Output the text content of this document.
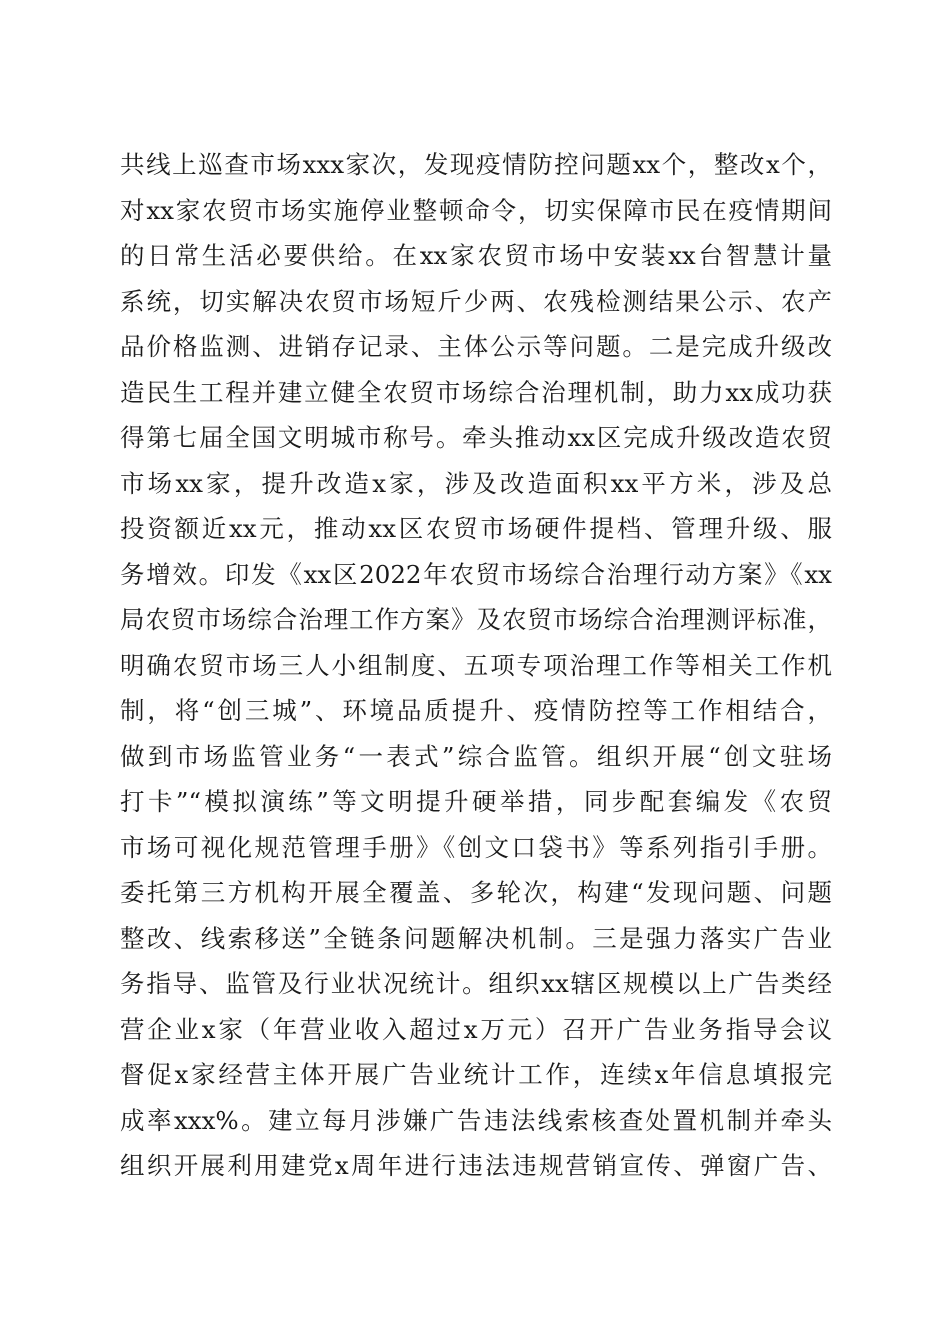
共线上巡查市场xxx家次，发现疫情防控问题xx个，整改x个，
对xx家农贸市场实施停业整顿命令，切实保障市民在疫情期间
的日常生活必要供给。在xx家农贸市场中安装xx台智慧计量
系统，切实解决农贸市场短斤少两、农残检测结果公示、农产
品价格监测、进销存记录、主体公示等问题。二是完成升级改
造民生工程并建立健全农贸市场综合治理机制，助力xx成功获
得第七届全国文明城市称号。牵头推动xx区完成升级改造农贸
市场xx家，提升改造x家，涉及改造面积xx平方米，涉及总
投资额近xx元，推动xx区农贸市场硬件提档、管理升级、服
务增效。印发《xx区2022年农贸市场综合治理行动方案》《xx
局农贸市场综合治理工作方案》及农贸市场综合治理测评标准，
明确农贸市场三人小组制度、五项专项治理工作等相关工作机
制，将“创三城”、环境品质提升、疫情防控等工作相结合，
做到市场监管业务“一表式”综合监管。组织开展“创文驻场
打卡”“模拟演练”等文明提升硬举措，同步配套编发《农贸
市场可视化规范管理手册》《创文口袋书》等系列指引手册。
委托第三方机构开展全覆盖、多轮次，构建“发现问题、问题
整改、线索移送”全链条问题解决机制。三是强力落实广告业
务指导、监管及行业状况统计。组织xx辖区规模以上广告类经
营企业x家（年营业收入超过x万元）召开广告业务指导会议
督促x家经营主体开展广告业统计工作，连续x年信息填报完
成率xxx%。建立每月涉嫌广告违法线索核查处置机制并牵头
组织开展利用建党x周年进行违法违规营销宣传、弹窗广告、
